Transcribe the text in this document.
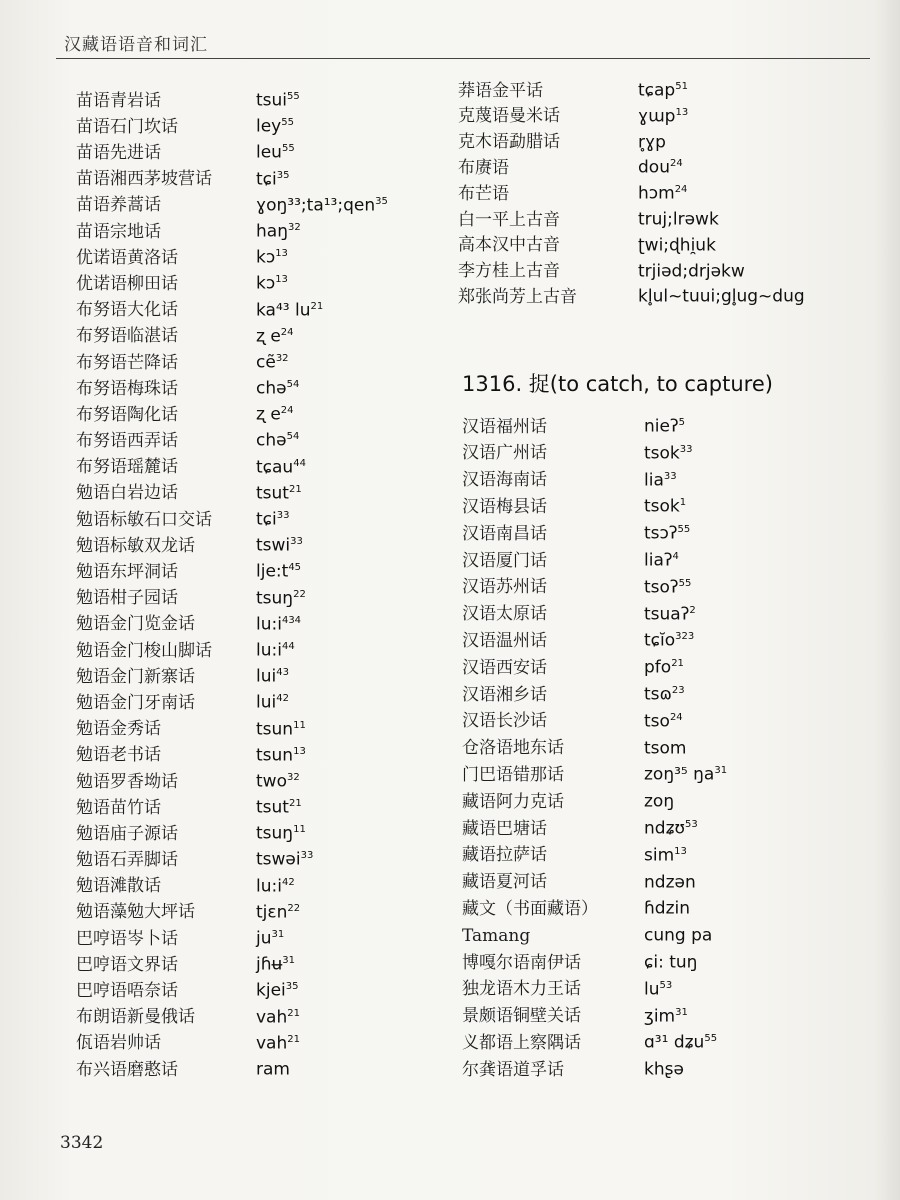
汉藏语语音和词汇
苗语青岩话	tsui$^{55}$
苗语石门坎话	ley$^{55}$
苗语先进话	leu$^{55}$
苗语湘西茅坡营话	tɕi$^{35}$
苗语养蒿话	ɣoŋ³³;ta¹³;qen$^{35}$
苗语宗地话	haŋ$^{32}$
优诺语黄洛话	kɔ$^{13}$
优诺语柳田话	kɔ$^{13}$
布努语大化话	ka⁴³ $lu^{21}$
布努语临湛话	ʐ $e^{24}$
布努语芒降话	cẽ$^{32}$
布努语梅珠话	chə$^{54}$
布努语陶化话	ʐ $e^{24}$
布努语西弄话	chə$^{54}$
布努语瑶麓话	tɕau$^{44}$
勉语白岩边话	tsut$^{21}$
勉语标敏石口交话	tɕi$^{33}$
勉语标敏双龙话	tswi$^{33}$
勉语东坪洞话	$lje:t^{45}$
勉语柑子园话	tsuŋ$^{22}$
勉语金门览金话	$lu:i^{434}$
勉语金门梭山脚话	$lu:i^{44}$
勉语金门新寨话	lui$^{43}$
勉语金门牙南话	lui$^{42}$
勉语金秀话	tsun$^{11}$
勉语老书话	tsun$^{13}$
勉语罗香坳话	two$^{32}$
勉语苗竹话	tsut$^{21}$
勉语庙子源话	tsuŋ$^{11}$
勉语石弄脚话	tswəi$^{33}$
勉语滩散话	$lu:i^{42}$
勉语藻勉大坪话	tjɛn$^{22}$
巴哼语岑卜话	$ju^{31}$
巴哼语文界话	jɦʉ$^{31}$
巴哼语唔奈话	kjei$^{35}$
布朗语新曼俄话	vah$^{21}$
佤语岩帅话	vah$^{21}$
布兴语磨憨话	ram
莽语金平话	tɕap$^{51}$
克蔑语曼米话	ɣɯp$^{13}$
克木语勐腊话	r̥ɣp
布赓语	dou$^{24}$
布芒语	hɔm$^{24}$
白一平上古音	truj;lrəwk
高本汉中古音	ʈwi;ɖhi̯uk
李方桂上古音	trjiəd;drjəkw
郑张尚芳上古音	kl̥ul~tuui;gl̥ug~dug
1316. 捉(to catch, to capture)
汉语福州话	nieʔ$^5$
汉语广州话	tsok$^{33}$
汉语海南话	lia$^{33}$
汉语梅县话	tsok$^1$
汉语南昌话	tsɔʔ$^{55}$
汉语厦门话	liaʔ$^4$
汉语苏州话	tsoʔ$^{55}$
汉语太原话	tsuaʔ$^2$
汉语温州话	tɕĭo$^{323}$
汉语西安话	pfo$^{21}$
汉语湘乡话	tsɷ$^{23}$
汉语长沙话	tso$^{24}$
仓洛语地东话	tsom
门巴语错那话	zoŋ³⁵ $ŋa^{31}$
藏语阿力克话	zoŋ
藏语巴塘话	ndʑʊ$^{53}$
藏语拉萨话	sim$^{13}$
藏语夏河话	ndzən
藏文（书面藏语）	ɦdzin
Tamang	cung pa
博嘎尔语南伊话	ɕi: tuŋ
独龙语木力王话	$lu^{53}$
景颇语铜壁关话	ʒim$^{31}$
义都语上察隅话	ɑ³¹ dʑu$^{55}$
尔龚语道孚话	khʂə
3342
